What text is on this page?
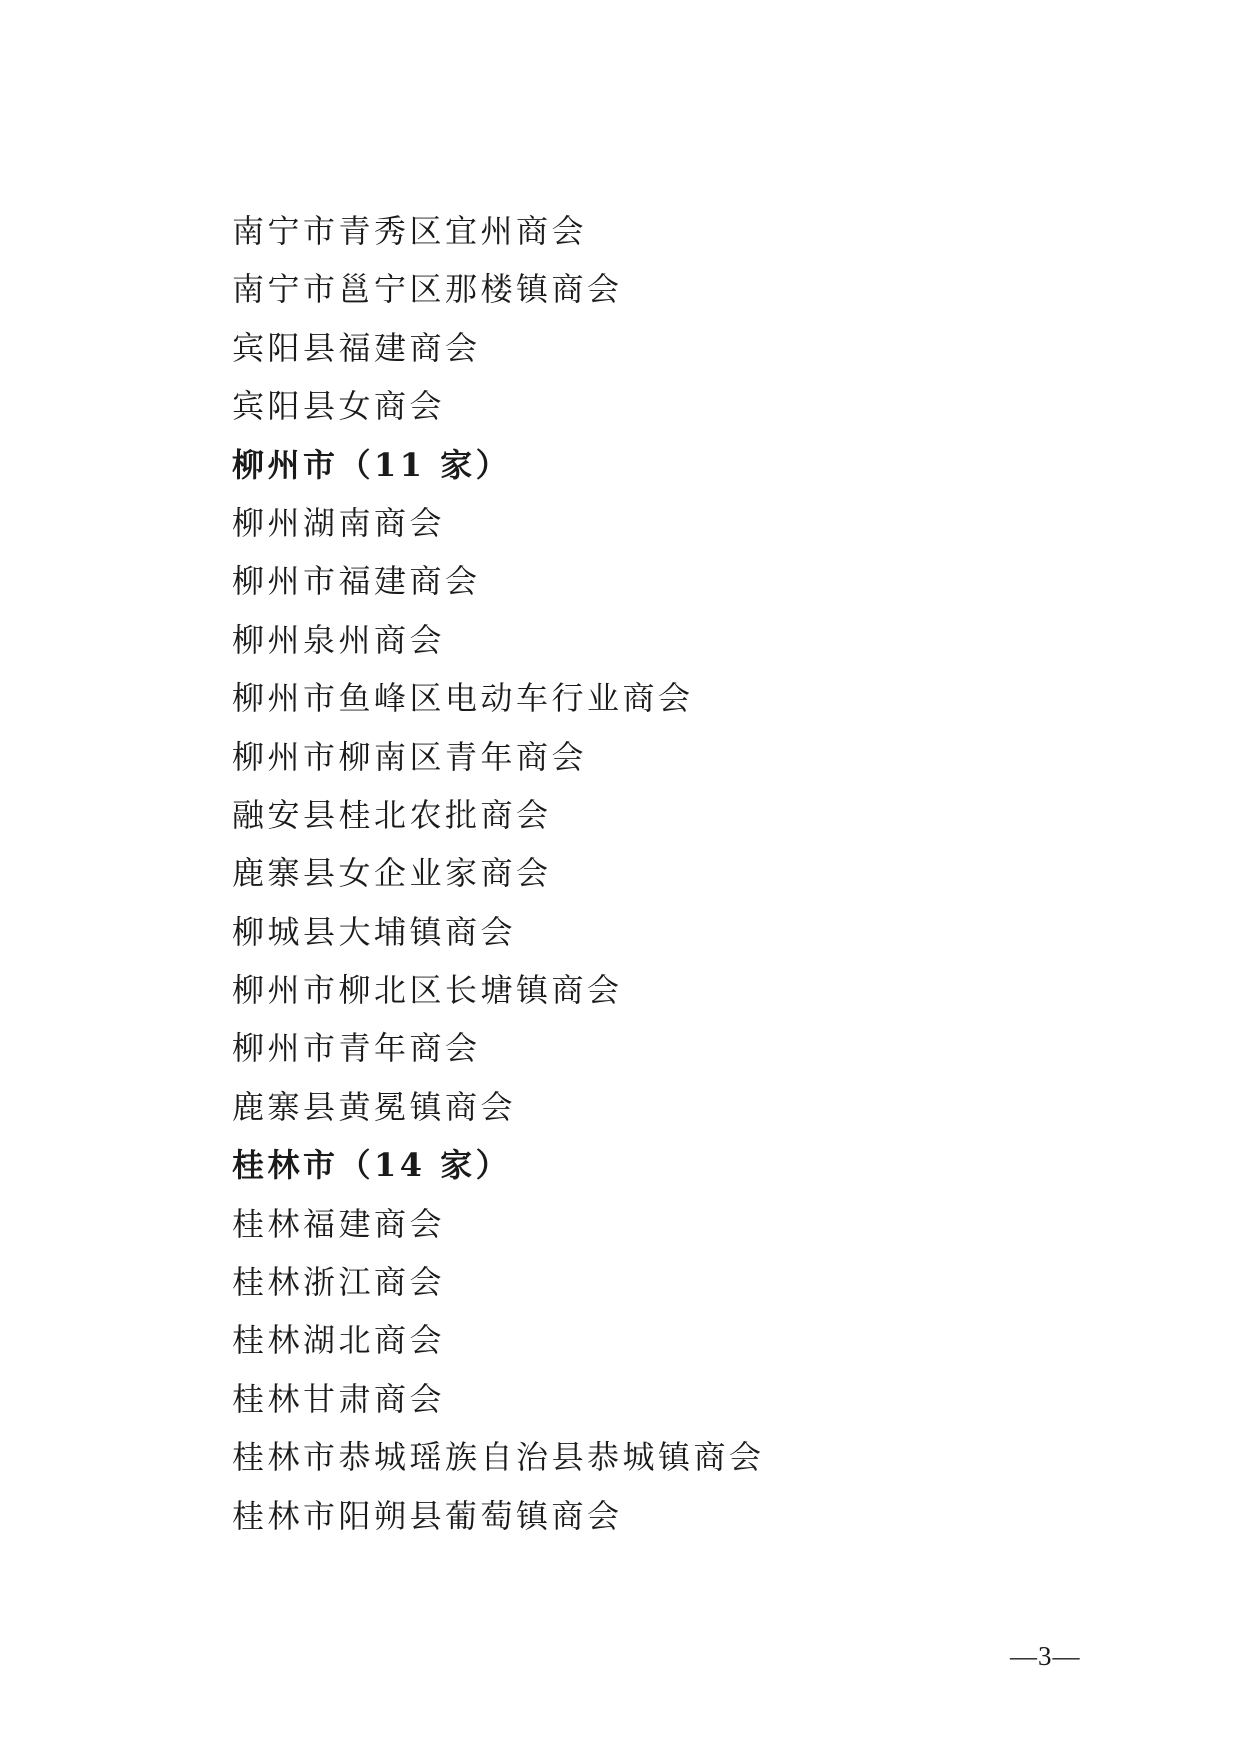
南宁市青秀区宜州商会
南宁市邕宁区那楼镇商会
宾阳县福建商会
宾阳县女商会
柳州市（11 家）
柳州湖南商会
柳州市福建商会
柳州泉州商会
柳州市鱼峰区电动车行业商会
柳州市柳南区青年商会
融安县桂北农批商会
鹿寨县女企业家商会
柳城县大埔镇商会
柳州市柳北区长塘镇商会
柳州市青年商会
鹿寨县黄冕镇商会
桂林市（14 家）
桂林福建商会
桂林浙江商会
桂林湖北商会
桂林甘肃商会
桂林市恭城瑶族自治县恭城镇商会
桂林市阳朔县葡萄镇商会
—3—
